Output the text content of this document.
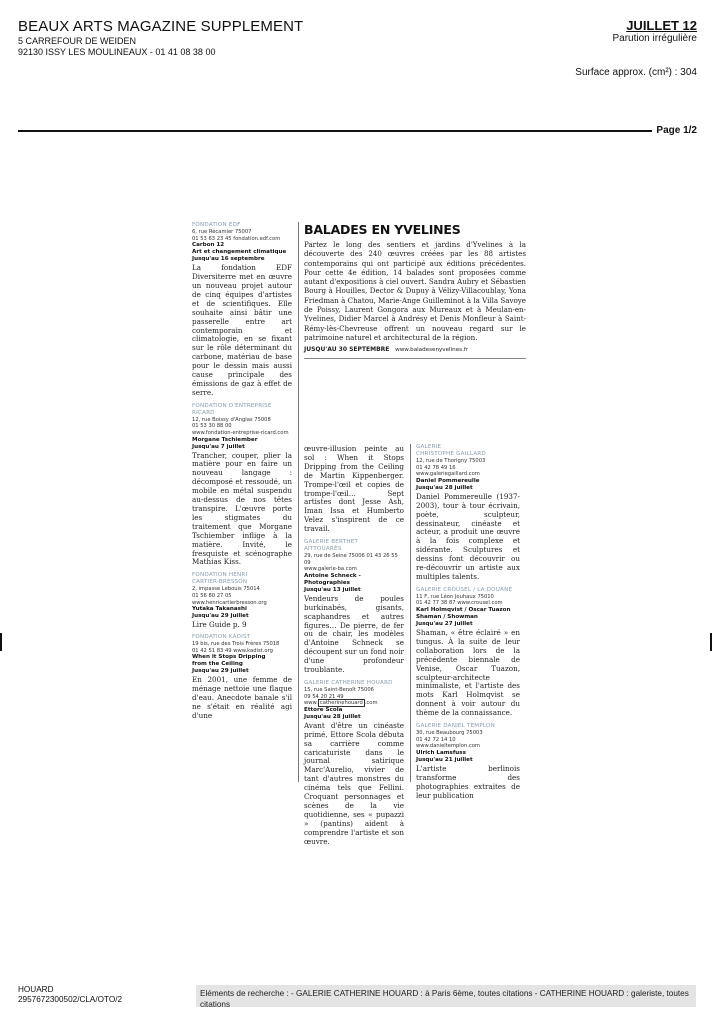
BEAUX ARTS MAGAZINE SUPPLEMENT
5 CARREFOUR DE WEIDEN
92130 ISSY LES MOULINEAUX - 01 41 08 38 00
JUILLET 12
Parution irrégulière
Surface approx. (cm²) : 304
Page 1/2
FONDATION EDF
6, rue Récamier 75007
01 53 63 23 45 fondation.edf.com
Carbon 12
Art et changement climatique
Jusqu'au 16 septembre
La fondation EDF Diversiterre met en œuvre un nouveau projet autour de cinq équipes d'artistes et de scientifiques. Elle souhaite ainsi bâtir une passerelle entre art contemporain et climatologie, en se fixant sur le rôle déterminant du carbone, matériau de base pour le dessin mais aussi cause principale des émissions de gaz à effet de serre.
FONDATION D'ENTREPRISE
RICARD
12, rue Boissy d'Anglas 75008
01 53 30 88 00
www.fondation-entreprise-ricard.com
Morgane Tschiember
Jusqu'au 7 juillet
Trancher, couper, plier la matière pour en faire un nouveau langage : décomposé et ressoudé, un mobile en métal suspendu au-dessus de nos têtes transpire. L'œuvre porte les stigmates du traitement que Morgane Tschiember inflige à la matière. Invité, le fresquiste et scénographe Mathias Kiss.
FONDATION HENRI
CARTIER-BRESSON
2, impasse Lebouis 75014
01 56 80 27 05
www.henricartierbresson.org
Yutaka Takanashi
Jusqu'au 29 juillet
Lire Guide p. 9
FONDATION KADIST
19 bis, rue des Trois Frères 75018
01 42 51 83 49 www.kadist.org
When it Stops Dripping
from the Ceiling
Jusqu'au 29 juillet
En 2001, une femme de ménage nettoie une flaque d'eau. Anecdote banale s'il ne s'était en réalité agi d'une
BALADES EN YVELINES
Partez le long des sentiers et jardins d'Yvelines à la découverte des 240 œuvres créées par les 88 artistes contemporains qui ont participé aux éditions précédentes. Pour cette 4e édition, 14 balades sont proposées comme autant d'expositions à ciel ouvert. Sandra Aubry et Sébastien Bourg à Houilles, Dector & Dupuy à Vélizy-Villacoublay, Yona Friedman à Chatou, Marie-Ange Guilleminot à la Villa Savoye de Poissy, Laurent Gongora aux Mureaux et à Meulan-en-Yvelines, Didier Marcel à Andrésy et Denis Monfleur à Saint-Rémy-lès-Chevreuse offrent un nouveau regard sur le patrimoine naturel et architectural de la région.
JUSQU'AU 30 SEPTEMBRE www.baladesenyvelines.fr
œuvre-illusion peinte au sol : When it Stops Dripping from the Ceiling de Martin Kippenberger. Trompe-l'œil et copies de trompe-l'œil… Sept artistes dont Jesse Ash, Iman Issa et Humberto Velez s'inspirent de ce travail.
GALERIE BERTHET
AITTOUARÈS
29, rue de Seine 75006 01 43 26 55 09
www.galerie-ba.com
Antoine Schneck - Photographies
Jusqu'au 13 juillet
Vendeurs de poules burkinabés, gisants, scaphandres et autres figures… De pierre, de fer ou de chair, les modèles d'Antoine Schneck se découpent sur un fond noir d'une profondeur troublante.
GALERIE CATHERINE HOUARD
15, rue Saint-Benoît 75006
09 54 20 21 49
www. catherinehouard .com
Ettore Scola
Jusqu'au 28 juillet
Avant d'être un cinéaste primé, Ettore Scola débuta sa carrière comme caricaturiste dans le journal satirique Marc'Aurelio, vivier de tant d'autres monstres du cinéma tels que Fellini. Croquant personnages et scènes de la vie quotidienne, ses « pupazzi » (pantins) aident à comprendre l'artiste et son œuvre.
GALERIE
CHRISTOPHE GAILLARD
12, rue de Thorigny 75003
01 42 78 49 16 www.galeriegaillard.com
Daniel Pommereulle
Jusqu'au 28 juillet
Daniel Pommereulle (1937-2003), tour à tour écrivain, poète, sculpteur, dessinateur, cinéaste et acteur, a produit une œuvre à la fois complexe et sidérante. Sculptures et dessins font découvrir ou re-découvrir un artiste aux multiples talents.
GALERIE CROUSEL / LA DOUANE
11 F, rue Léon Jouhaux 75010
01 42 77 38 87 www.crousel.com
Karl Holmqvist / Oscar Tuazon
Shaman / Showman
Jusqu'au 27 juillet
Shaman, « être éclairé » en tungus. À la suite de leur collaboration lors de la précédente biennale de Venise, Oscar Tuazon, sculpteur-architecte minimaliste, et l'artiste des mots Karl Holmqvist se donnent à voir autour du thème de la connaissance.
GALERIE DANIEL TEMPLON
30, rue Beaubourg 75003
01 42 72 14 10 www.danieltemplon.com
Ulrich Lamsfuss
Jusqu'au 21 juillet
L'artiste berlinois transforme des photographies extraites de leur publication
HOUARD
2957672300502/CLA/OTO/2
Eléments de recherche : - GALERIE CATHERINE HOUARD : à Paris 6ème, toutes citations - CATHERINE HOUARD : galeriste, toutes citations
